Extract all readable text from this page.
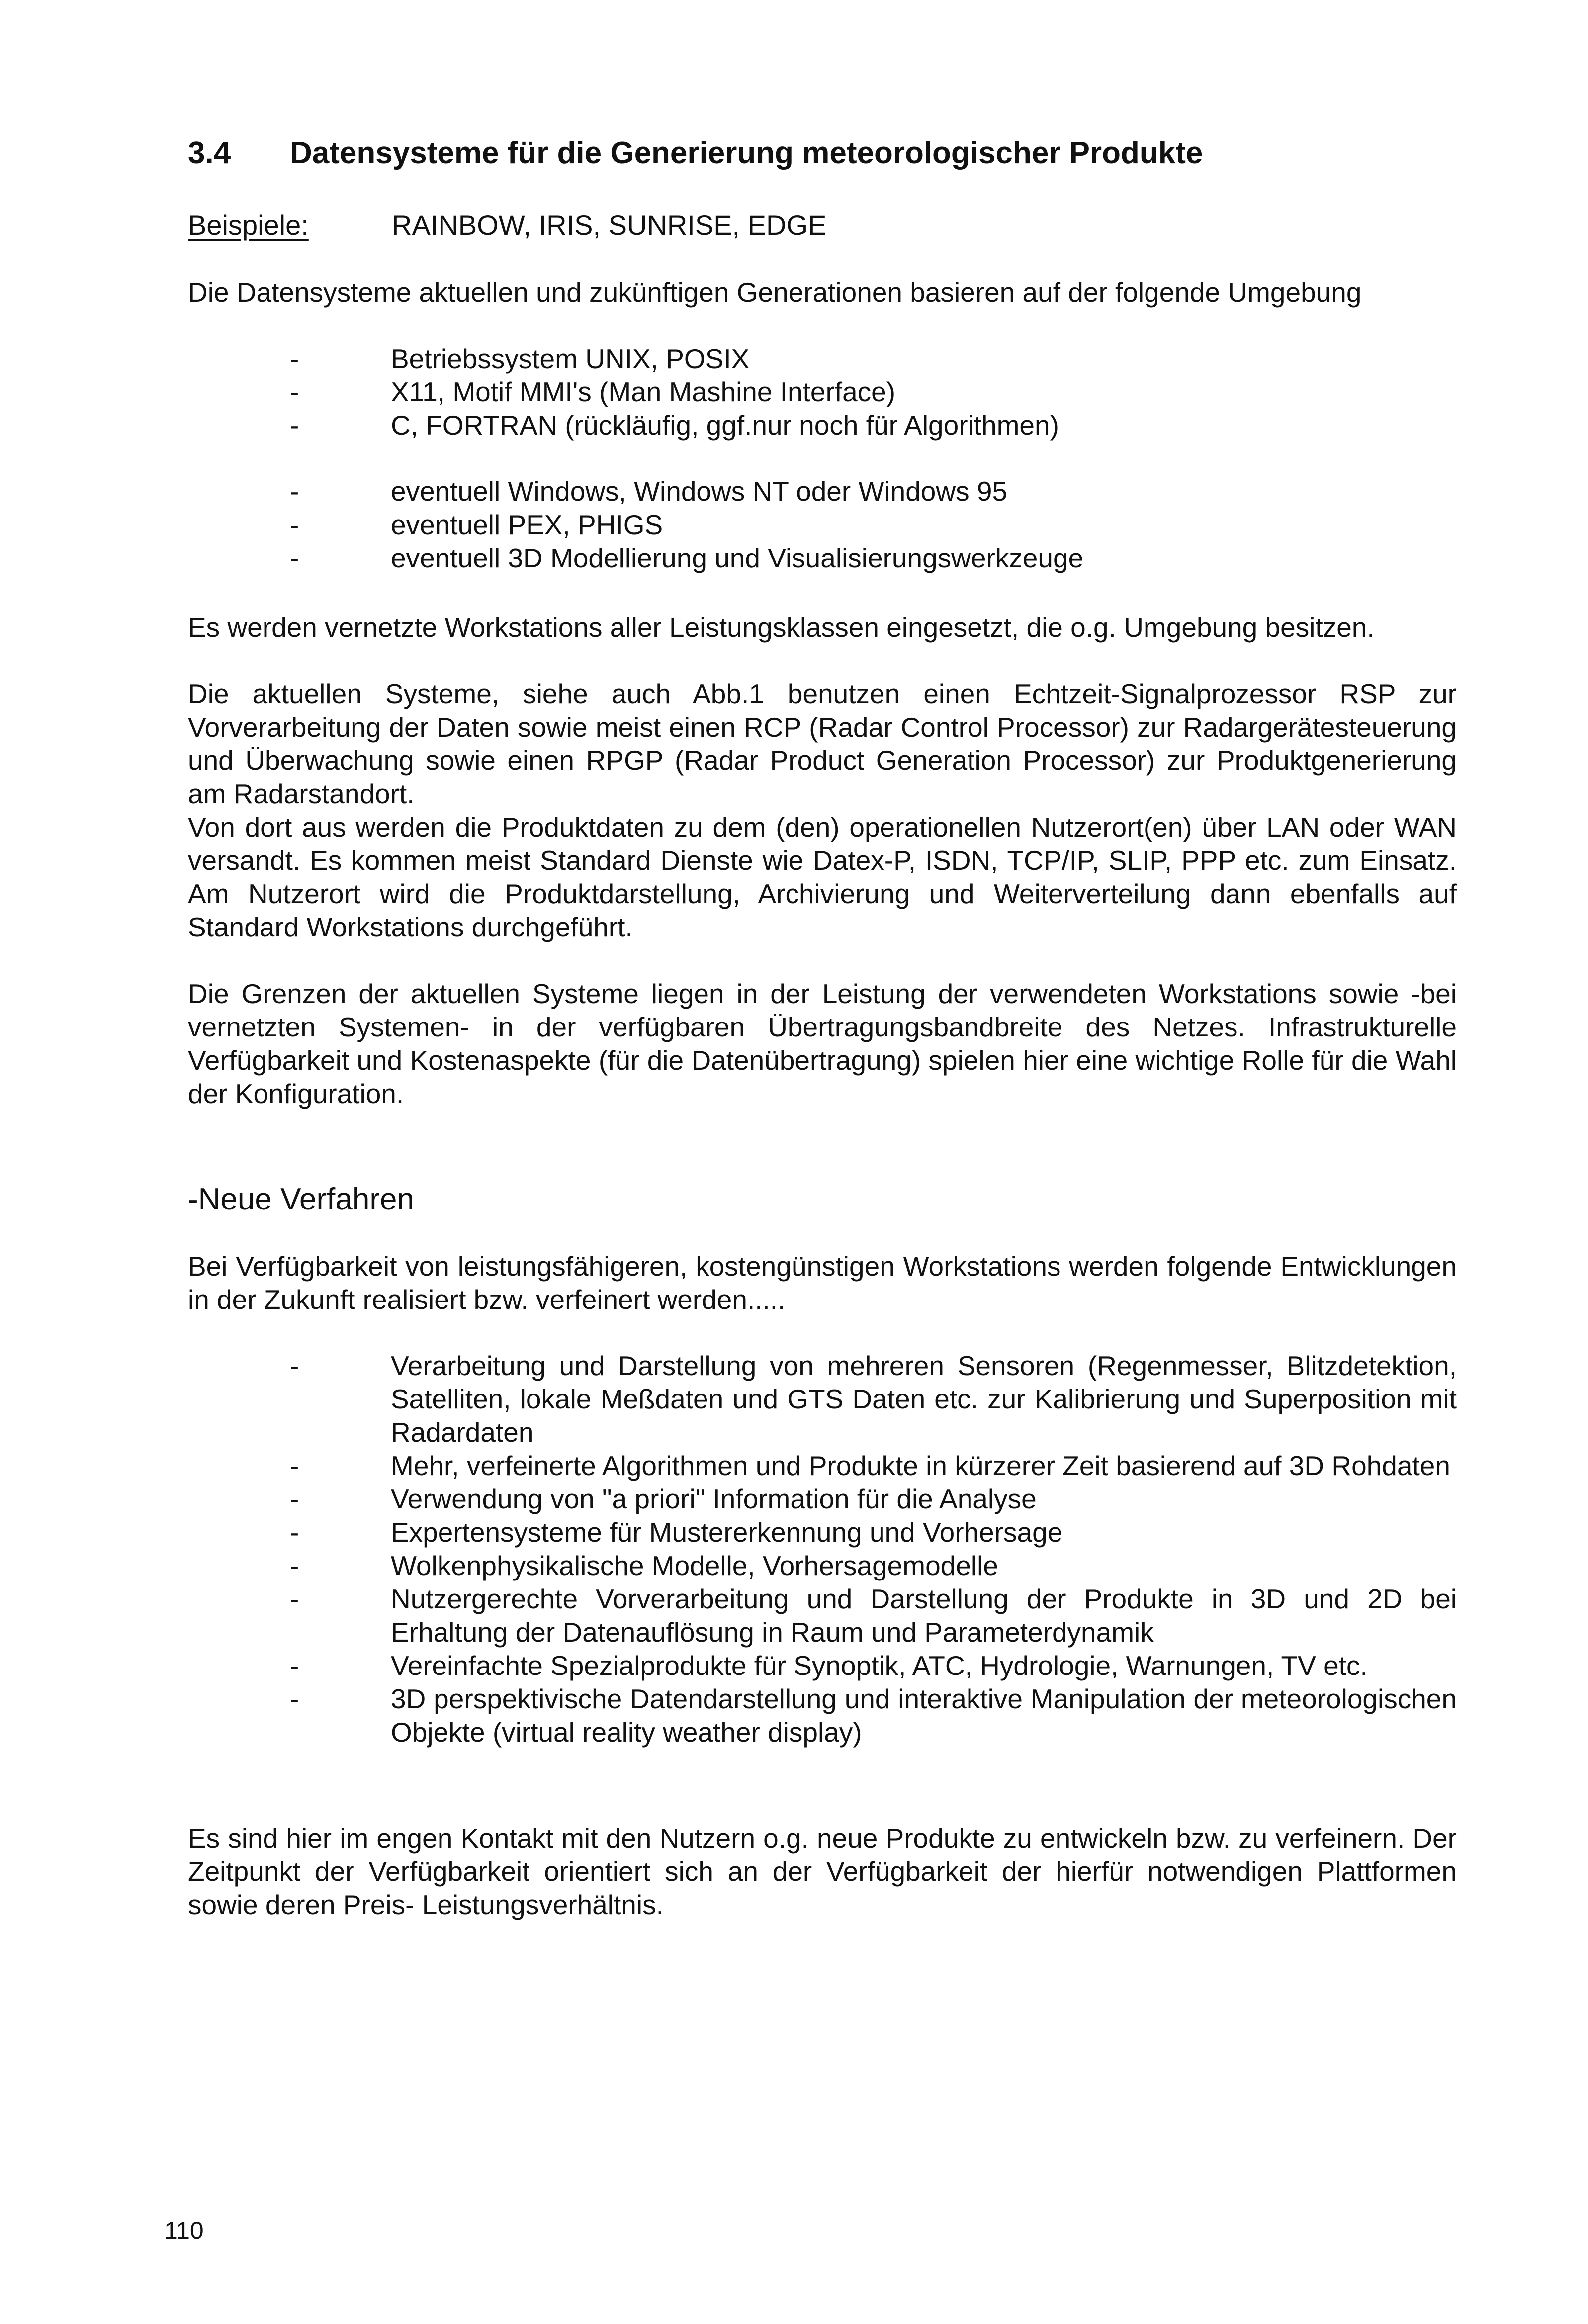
3.4 Datensysteme für die Generierung meteorologischer Produkte
Beispiele:	RAINBOW, IRIS, SUNRISE, EDGE

Die Datensysteme aktuellen und zukünftigen Generationen basieren auf der folgende Umgebung

-	Betriebssystem UNIX, POSIX
-	X11, Motif MMI's (Man Mashine Interface)
-	C, FORTRAN (rückläufig, ggf.nur noch für Algorithmen)
-	eventuell Windows, Windows NT oder Windows 95
-	eventuell PEX, PHIGS
-	eventuell 3D Modellierung und Visualisierungswerkzeuge

Es werden vernetzte Workstations aller Leistungsklassen eingesetzt, die o.g. Umgebung besitzen.

Die aktuellen Systeme, siehe auch Abb.1 benutzen einen Echtzeit-Signalprozessor RSP zur Vorverarbeitung der Daten sowie meist einen RCP (Radar Control Processor) zur Radargerätesteuerung und Überwachung sowie einen RPGP (Radar Product Generation Processor) zur Produktgenerierung am Radarstandort.

Von dort aus werden die Produktdaten zu dem (den) operationellen Nutzerort(en) über LAN oder WAN versandt. Es kommen meist Standard Dienste wie Datex-P, ISDN, TCP/IP, SLIP, PPP etc. zum Einsatz. Am Nutzerort wird die Produktdarstellung, Archivierung und Weiterverteilung dann ebenfalls auf Standard Workstations durchgeführt.

Die Grenzen der aktuellen Systeme liegen in der Leistung der verwendeten Workstations sowie -bei vernetzten Systemen- in der verfügbaren Übertragungsbandbreite des Netzes. Infrastrukturelle Verfügbarkeit und Kostenaspekte (für die Datenübertragung) spielen hier eine wichtige Rolle für die Wahl der Konfiguration.

-Neue Verfahren

Bei Verfügbarkeit von leistungsfähigeren, kostengünstigen Workstations werden folgende Entwicklungen in der Zukunft realisiert bzw. verfeinert werden.....

-	Verarbeitung und Darstellung von mehreren Sensoren (Regenmesser, Blitzdetektion, Satelliten, lokale Meßdaten und GTS Daten etc. zur Kalibrierung und Superposition mit Radardaten
-	Mehr, verfeinerte Algorithmen und Produkte in kürzerer Zeit basierend auf 3D Rohdaten
-	Verwendung von "a priori" Information für die Analyse
-	Expertensysteme für Mustererkennung und Vorhersage
-	Wolkenphysikalische Modelle, Vorhersagemodelle
-	Nutzergerechte Vorverarbeitung und Darstellung der Produkte in 3D und 2D bei Erhaltung der Datenauflösung in Raum und Parameterdynamik
-	Vereinfachte Spezialprodukte für Synoptik, ATC, Hydrologie, Warnungen, TV etc.
-	3D perspektivische Datendarstellung und interaktive Manipulation der meteorologischen Objekte (virtual reality weather display)

Es sind hier im engen Kontakt mit den Nutzern o.g. neue Produkte zu entwickeln bzw. zu verfeinern. Der Zeitpunkt der Verfügbarkeit orientiert sich an der Verfügbarkeit der hierfür notwendigen Plattformen sowie deren Preis- Leistungsverhältnis.

110
